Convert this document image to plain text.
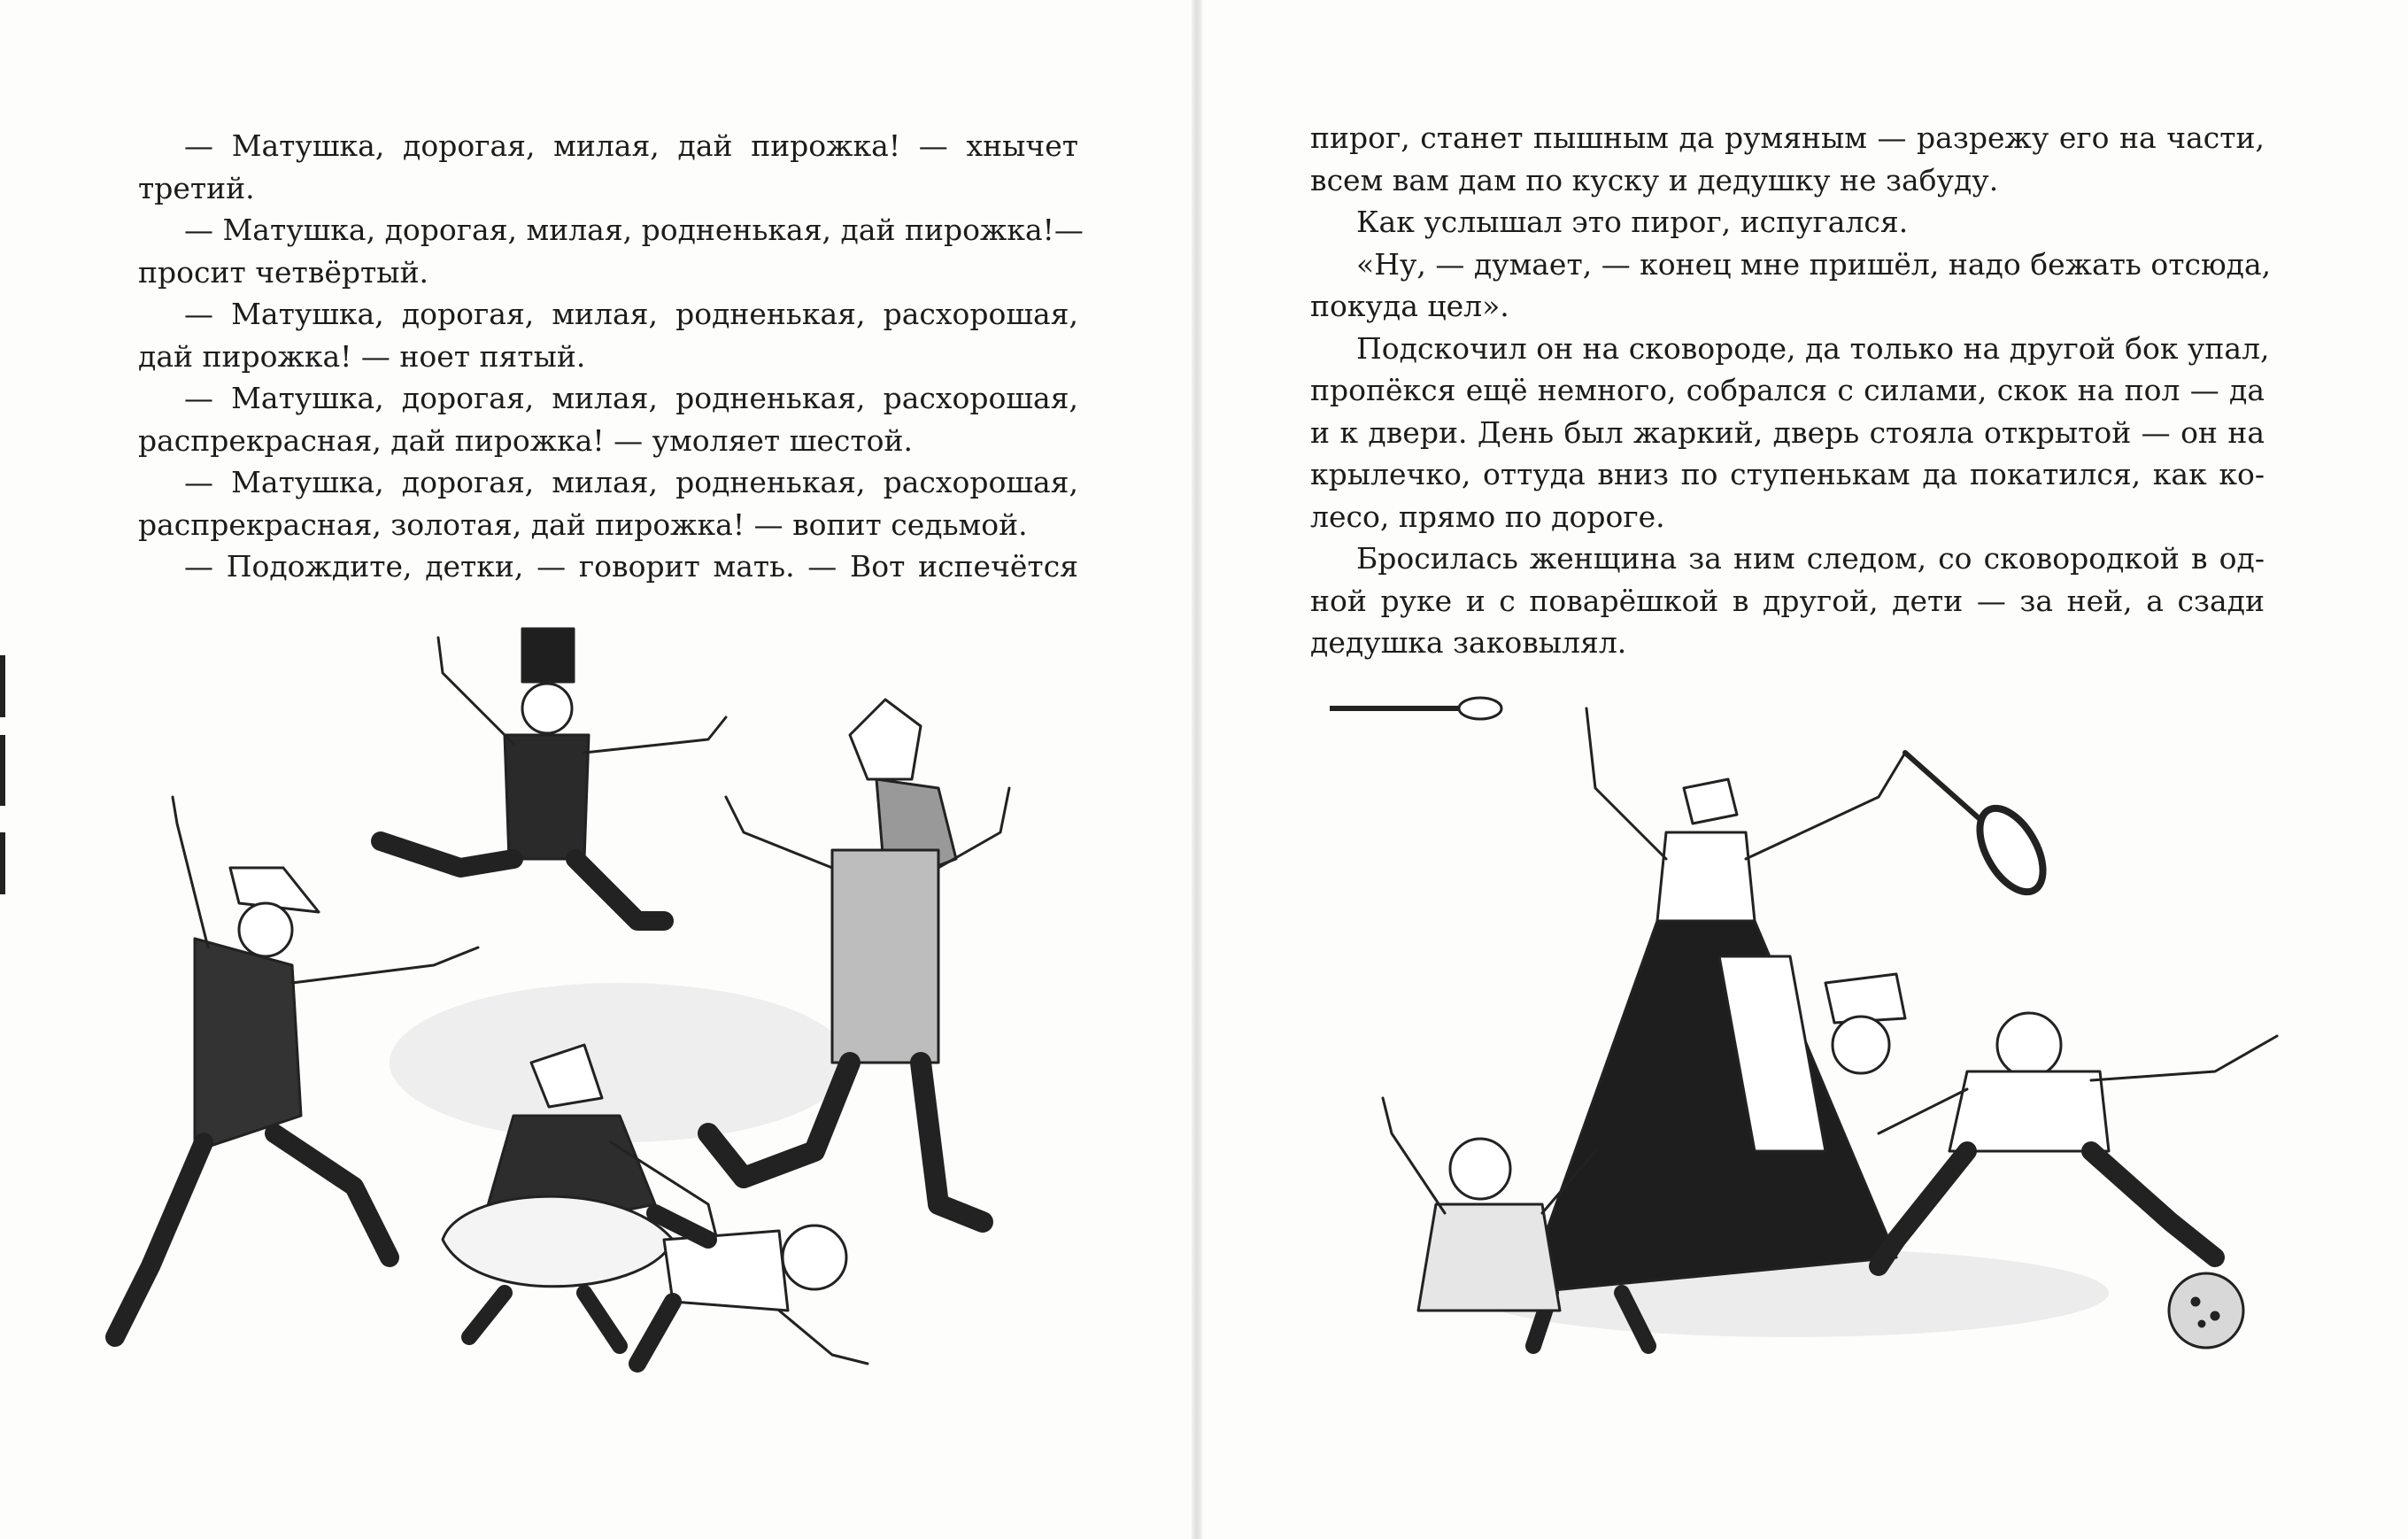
— Матушка, дорогая, милая, дай пирожка! — хнычет
третий.
— Матушка, дорогая, милая, родненькая, дай пирожка!—
просит четвёртый.
— Матушка, дорогая, милая, родненькая, расхорошая,
дай пирожка! — ноет пятый.
— Матушка, дорогая, милая, родненькая, расхорошая,
распрекрасная, дай пирожка! — умоляет шестой.
— Матушка, дорогая, милая, родненькая, расхорошая,
распрекрасная, золотая, дай пирожка! — вопит седьмой.
— Подождите, детки, — говорит мать. — Вот испечётся
пирог, станет пышным да румяным — разрежу его на части,
всем вам дам по куску и дедушку не забуду.
Как услышал это пирог, испугался.
«Ну, — думает, — конец мне пришёл, надо бежать отсюда,
покуда цел».
Подскочил он на сковороде, да только на другой бок упал,
пропёкся ещё немного, собрался с силами, скок на пол — да
и к двери. День был жаркий, дверь стояла открытой — он на
крылечко, оттуда вниз по ступенькам да покатился, как ко-
лесо, прямо по дороге.
Бросилась женщина за ним следом, со сковородкой в од-
ной руке и с поварёшкой в другой, дети — за ней, а сзади
дедушка заковылял.
